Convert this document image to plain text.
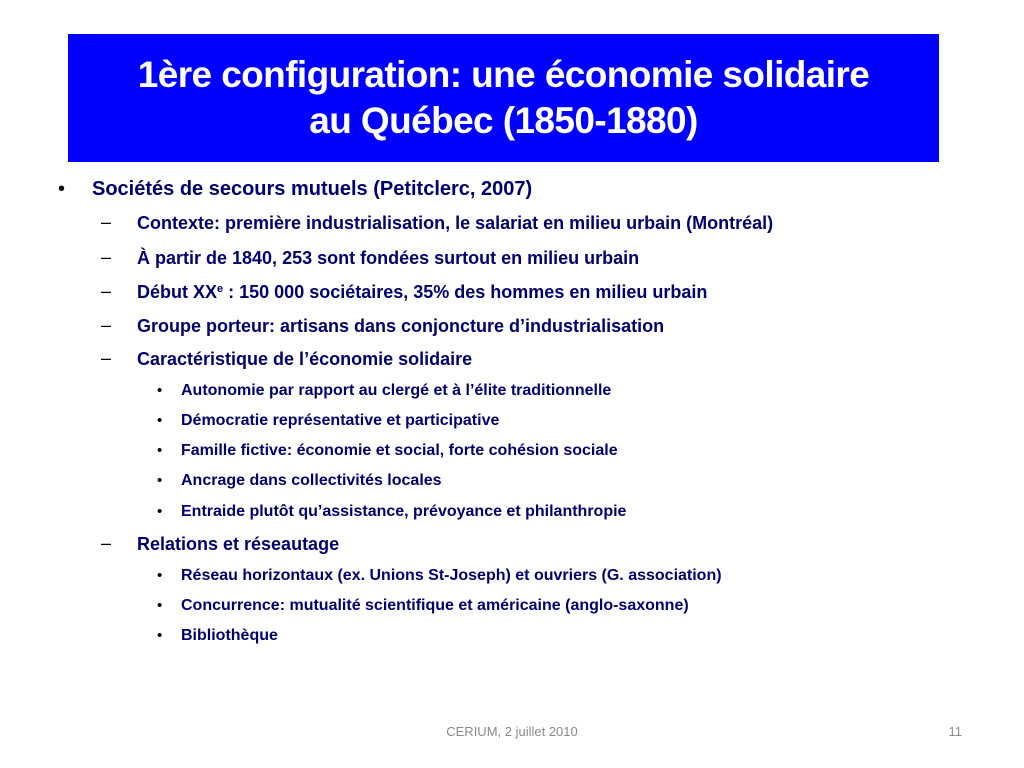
1ère configuration: une économie solidaire
au Québec (1850-1880)
• Sociétés de secours mutuels (Petitclerc, 2007)
– Contexte: première industrialisation, le salariat en milieu urbain (Montréal)
– À partir de 1840, 253 sont fondées surtout en milieu urbain
– Début XXe : 150 000 sociétaires, 35% des hommes en milieu urbain
– Groupe porteur: artisans dans conjoncture d’industrialisation
– Caractéristique de l’économie solidaire
• Autonomie par rapport au clergé et à l’élite traditionnelle
• Démocratie représentative et participative
• Famille fictive: économie et social, forte cohésion sociale
• Ancrage dans collectivités locales
• Entraide plutôt qu’assistance, prévoyance et philanthropie
– Relations et réseautage
• Réseau horizontaux (ex. Unions St-Joseph) et ouvriers (G. association)
• Concurrence: mutualité scientifique et américaine (anglo-saxonne)
• Bibliothèque
CERIUM, 2 juillet 2010	11
